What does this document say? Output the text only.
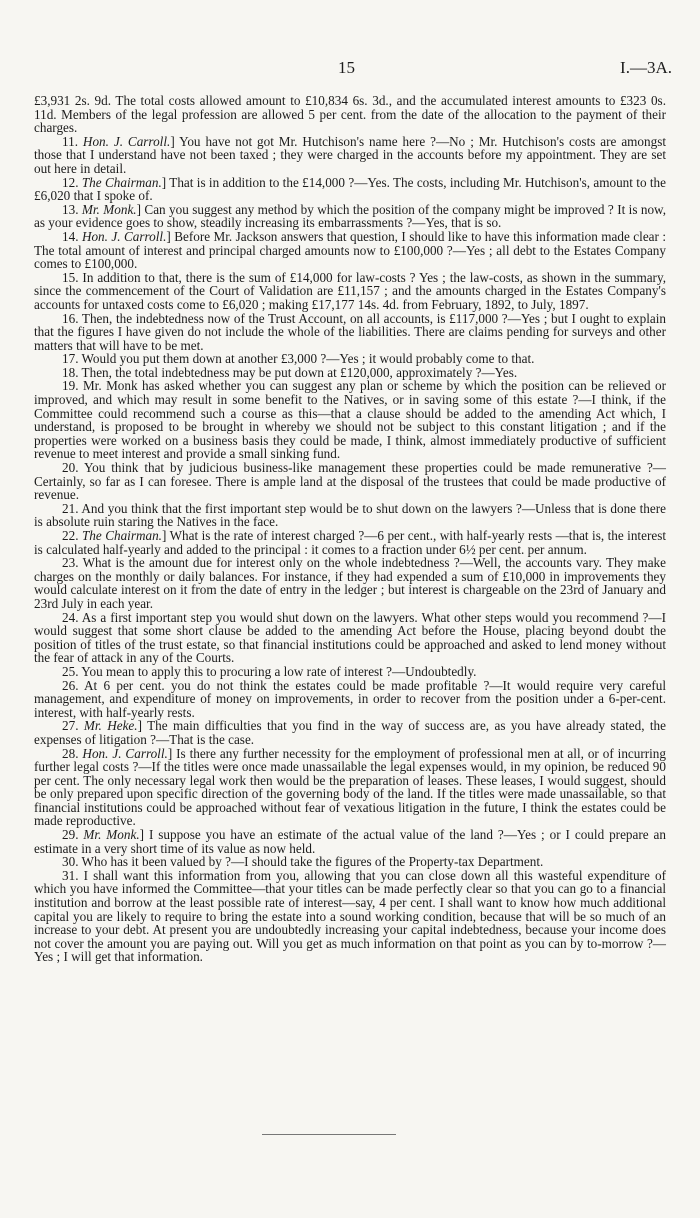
15	I.—3A.

£3,931 2s. 9d. The total costs allowed amount to £10,834 6s. 3d., and the accumulated interest amounts to £323 0s. 11d. Members of the legal profession are allowed 5 per cent. from the date of the allocation to the payment of their charges.

11. Hon. J. Carroll.] You have not got Mr. Hutchison's name here ?—No ; Mr. Hutchison's costs are amongst those that I understand have not been taxed ; they were charged in the accounts before my appointment. They are set out here in detail.

12. The Chairman.] That is in addition to the £14,000 ?—Yes. The costs, including Mr. Hutchison's, amount to the £6,020 that I spoke of.

13. Mr. Monk.] Can you suggest any method by which the position of the company might be improved ? It is now, as your evidence goes to show, steadily increasing its embarrassments ?—Yes, that is so.

14. Hon. J. Carroll.] Before Mr. Jackson answers that question, I should like to have this information made clear : The total amount of interest and principal charged amounts now to £100,000 ?—Yes ; all debt to the Estates Company comes to £100,000.

15. In addition to that, there is the sum of £14,000 for law-costs ? Yes ; the law-costs, as shown in the summary, since the commencement of the Court of Validation are £11,157 ; and the amounts charged in the Estates Company's accounts for untaxed costs come to £6,020 ; making £17,177 14s. 4d. from February, 1892, to July, 1897.

16. Then, the indebtedness now of the Trust Account, on all accounts, is £117,000 ?—Yes ; but I ought to explain that the figures I have given do not include the whole of the liabilities. There are claims pending for surveys and other matters that will have to be met.

17. Would you put them down at another £3,000 ?—Yes ; it would probably come to that.

18. Then, the total indebtedness may be put down at £120,000, approximately ?—Yes.

19. Mr. Monk has asked whether you can suggest any plan or scheme by which the position can be relieved or improved, and which may result in some benefit to the Natives, or in saving some of this estate ?—I think, if the Committee could recommend such a course as this—that a clause should be added to the amending Act which, I understand, is proposed to be brought in whereby we should not be subject to this constant litigation ; and if the properties were worked on a business basis they could be made, I think, almost immediately productive of sufficient revenue to meet interest and provide a small sinking fund.

20. You think that by judicious business-like management these properties could be made remunerative ?—Certainly, so far as I can foresee. There is ample land at the disposal of the trustees that could be made productive of revenue.

21. And you think that the first important step would be to shut down on the lawyers ?—Unless that is done there is absolute ruin staring the Natives in the face.

22. The Chairman.] What is the rate of interest charged ?—6 per cent., with half-yearly rests —that is, the interest is calculated half-yearly and added to the principal : it comes to a fraction under 6½ per cent. per annum.

23. What is the amount due for interest only on the whole indebtedness ?—Well, the accounts vary. They make charges on the monthly or daily balances. For instance, if they had expended a sum of £10,000 in improvements they would calculate interest on it from the date of entry in the ledger ; but interest is chargeable on the 23rd of January and 23rd July in each year.

24. As a first important step you would shut down on the lawyers. What other steps would you recommend ?—I would suggest that some short clause be added to the amending Act before the House, placing beyond doubt the position of titles of the trust estate, so that financial institutions could be approached and asked to lend money without the fear of attack in any of the Courts.

25. You mean to apply this to procuring a low rate of interest ?—Undoubtedly.

26. At 6 per cent. you do not think the estates could be made profitable ?—It would require very careful management, and expenditure of money on improvements, in order to recover from the position under a 6-per-cent. interest, with half-yearly rests.

27. Mr. Heke.] The main difficulties that you find in the way of success are, as you have already stated, the expenses of litigation ?—That is the case.

28. Hon. J. Carroll.] Is there any further necessity for the employment of professional men at all, or of incurring further legal costs ?—If the titles were once made unassailable the legal expenses would, in my opinion, be reduced 90 per cent. The only necessary legal work then would be the preparation of leases. These leases, I would suggest, should be only prepared upon specific direction of the governing body of the land. If the titles were made unassailable, so that financial institutions could be approached without fear of vexatious litigation in the future, I think the estates could be made reproductive.

29. Mr. Monk.] I suppose you have an estimate of the actual value of the land ?—Yes ; or I could prepare an estimate in a very short time of its value as now held.

30. Who has it been valued by ?—I should take the figures of the Property-tax Department.

31. I shall want this information from you, allowing that you can close down all this wasteful expenditure of which you have informed the Committee—that your titles can be made perfectly clear so that you can go to a financial institution and borrow at the least possible rate of interest—say, 4 per cent. I shall want to know how much additional capital you are likely to require to bring the estate into a sound working condition, because that will be so much of an increase to your debt. At present you are undoubtedly increasing your capital indebtedness, because your income does not cover the amount you are paying out. Will you get as much information on that point as you can by to-morrow ?—Yes ; I will get that information.
